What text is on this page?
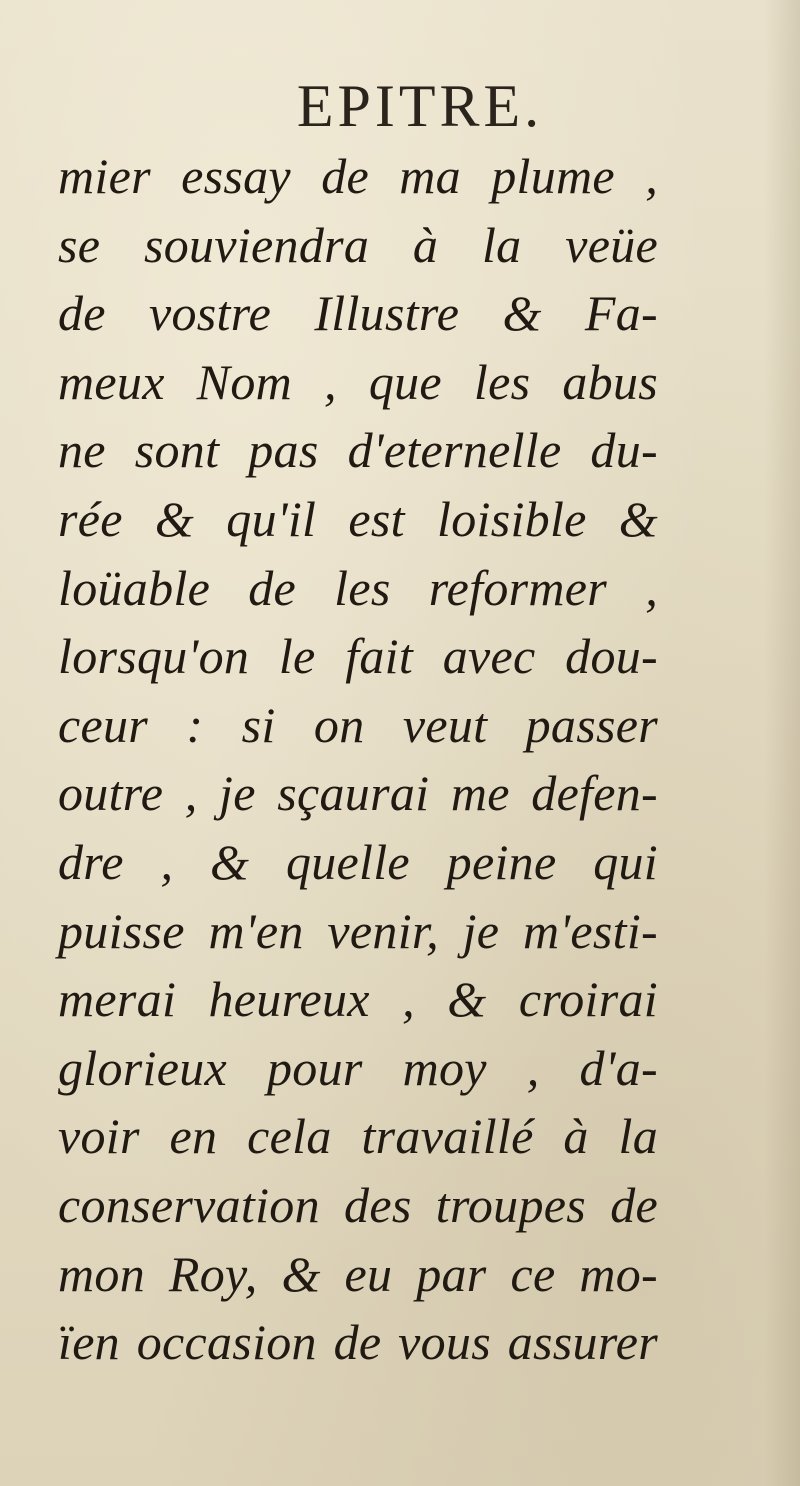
EPITRE.
mier essay de ma plume ,
se souviendra à la veüe
de vostre Illustre & Fa-
meux Nom , que les abus
ne sont pas d'eternelle du-
rée & qu'il est loisible &
loüable de les reformer ,
lorsqu'on le fait avec dou-
ceur : si on veut passer
outre , je sçaurai me defen-
dre , & quelle peine qui
puisse m'en venir, je m'esti-
merai heureux , & croirai
glorieux pour moy , d'a-
voir en cela travaillé à la
conservation des troupes de
mon Roy, & eu par ce mo-
ïen occasion de vous assurer
